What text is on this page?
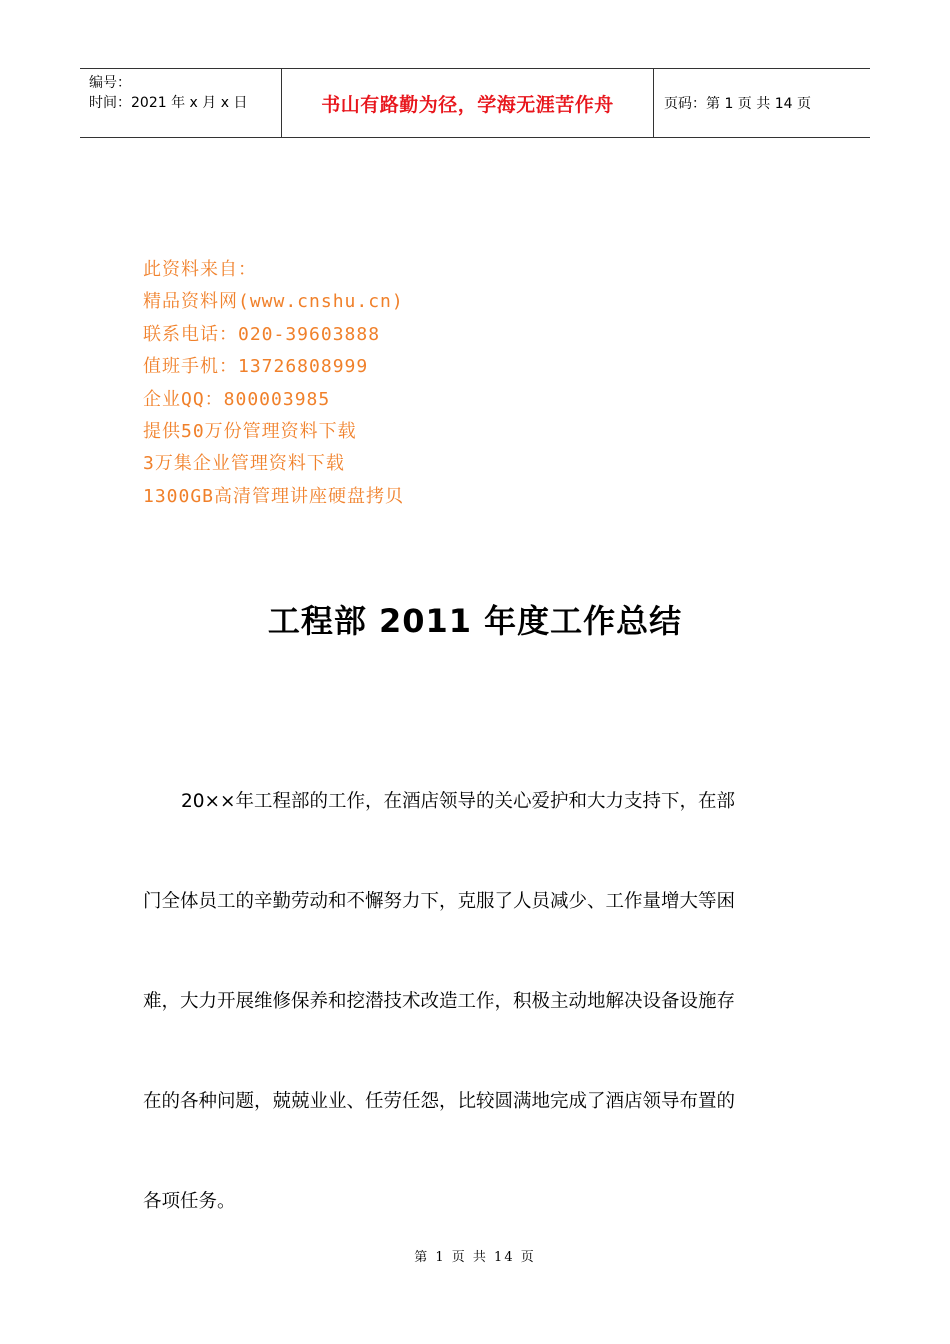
编号：
时间：2021 年 x 月 x 日	书山有路勤为径，学海无涯苦作舟	页码：第 1 页 共 14 页
此资料来自：
精品资料网(www.cnshu.cn)
联系电话：020-39603888
值班手机：13726808999
企业QQ：800003985
提供50万份管理资料下载
3万集企业管理资料下载
1300GB高清管理讲座硬盘拷贝
工程部 2011 年度工作总结
20××年工程部的工作，在酒店领导的关心爱护和大力支持下，在部
门全体员工的辛勤劳动和不懈努力下，克服了人员减少、工作量增大等困
难，大力开展维修保养和挖潜技术改造工作，积极主动地解决设备设施存
在的各种问题，兢兢业业、任劳任怨，比较圆满地完成了酒店领导布置的
各项任务。
第 1 页 共 14 页
